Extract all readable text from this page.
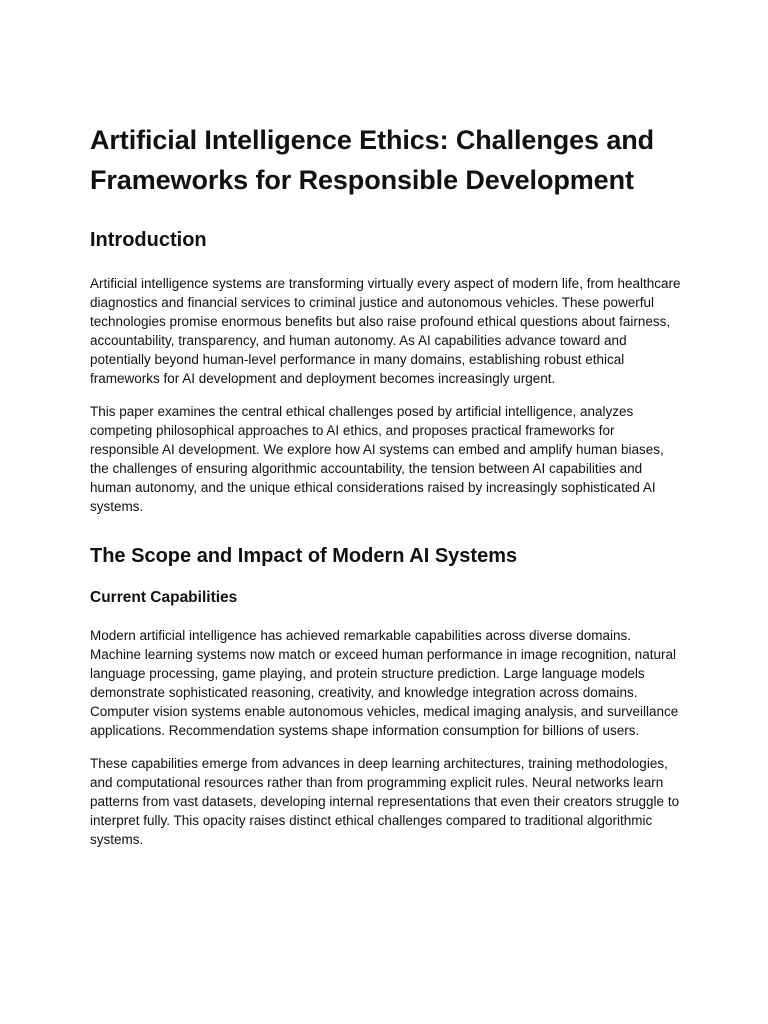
Artificial Intelligence Ethics: Challenges and Frameworks for Responsible Development
Introduction

Artificial intelligence systems are transforming virtually every aspect of modern life, from healthcare diagnostics and financial services to criminal justice and autonomous vehicles. These powerful technologies promise enormous benefits but also raise profound ethical questions about fairness, accountability, transparency, and human autonomy. As AI capabilities advance toward and potentially beyond human-level performance in many domains, establishing robust ethical frameworks for AI development and deployment becomes increasingly urgent.

This paper examines the central ethical challenges posed by artificial intelligence, analyzes competing philosophical approaches to AI ethics, and proposes practical frameworks for responsible AI development. We explore how AI systems can embed and amplify human biases, the challenges of ensuring algorithmic accountability, the tension between AI capabilities and human autonomy, and the unique ethical considerations raised by increasingly sophisticated AI systems.

The Scope and Impact of Modern AI Systems
Current Capabilities

Modern artificial intelligence has achieved remarkable capabilities across diverse domains. Machine learning systems now match or exceed human performance in image recognition, natural language processing, game playing, and protein structure prediction. Large language models demonstrate sophisticated reasoning, creativity, and knowledge integration across domains. Computer vision systems enable autonomous vehicles, medical imaging analysis, and surveillance applications. Recommendation systems shape information consumption for billions of users.

These capabilities emerge from advances in deep learning architectures, training methodologies, and computational resources rather than from programming explicit rules. Neural networks learn patterns from vast datasets, developing internal representations that even their creators struggle to interpret fully. This opacity raises distinct ethical challenges compared to traditional algorithmic systems.
